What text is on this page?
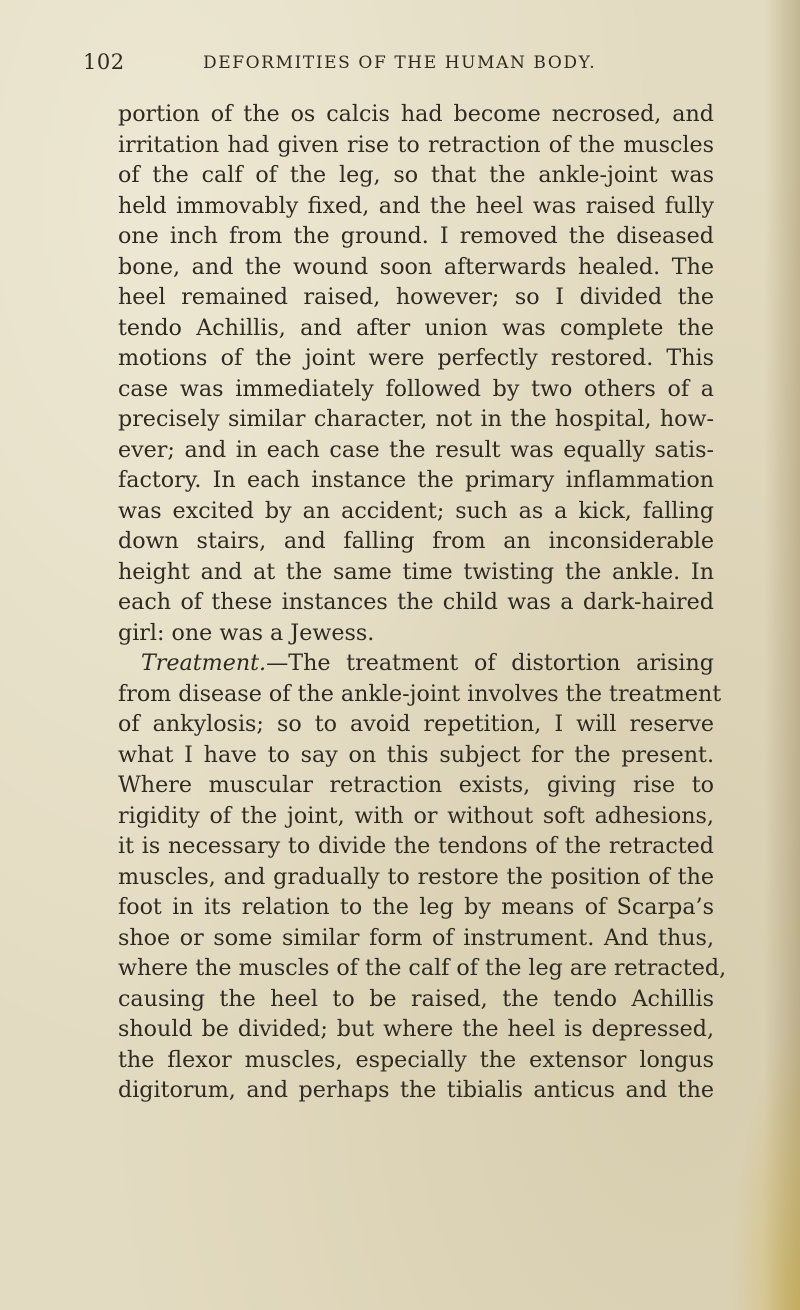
102	DEFORMITIES OF THE HUMAN BODY.
portion of the os calcis had become necrosed, and
irritation had given rise to retraction of the muscles
of the calf of the leg, so that the ankle-joint was
held immovably fixed, and the heel was raised fully
one inch from the ground. I removed the diseased
bone, and the wound soon afterwards healed. The
heel remained raised, however; so I divided the
tendo Achillis, and after union was complete the
motions of the joint were perfectly restored. This
case was immediately followed by two others of a
precisely similar character, not in the hospital, how-
ever; and in each case the result was equally satis-
factory. In each instance the primary inflammation
was excited by an accident; such as a kick, falling
down stairs, and falling from an inconsiderable
height and at the same time twisting the ankle. In
each of these instances the child was a dark-haired
girl: one was a Jewess.
Treatment.—The treatment of distortion arising
from disease of the ankle-joint involves the treatment
of ankylosis; so to avoid repetition, I will reserve
what I have to say on this subject for the present.
Where muscular retraction exists, giving rise to
rigidity of the joint, with or without soft adhesions,
it is necessary to divide the tendons of the retracted
muscles, and gradually to restore the position of the
foot in its relation to the leg by means of Scarpa’s
shoe or some similar form of instrument. And thus,
where the muscles of the calf of the leg are retracted,
causing the heel to be raised, the tendo Achillis
should be divided; but where the heel is depressed,
the flexor muscles, especially the extensor longus
digitorum, and perhaps the tibialis anticus and the
